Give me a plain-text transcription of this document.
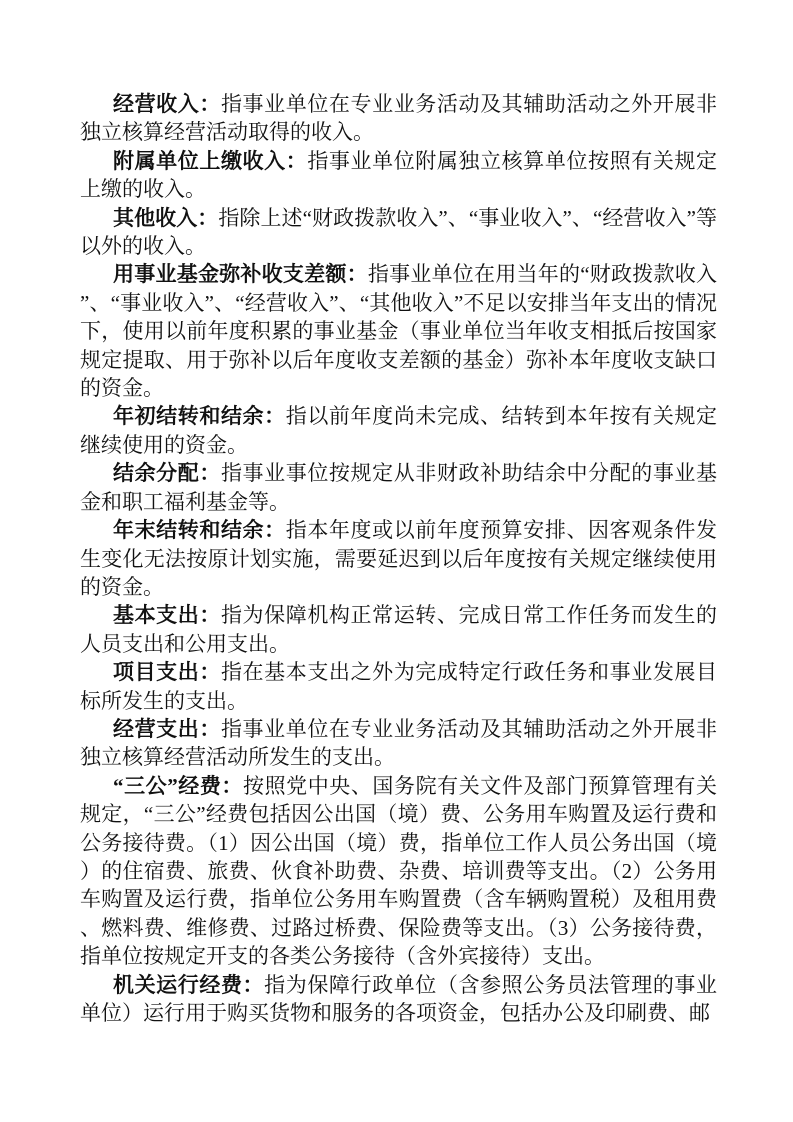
经营收入：指事业单位在专业业务活动及其辅助活动之外开展非独立核算经营活动取得的收入。

附属单位上缴收入：指事业单位附属独立核算单位按照有关规定上缴的收入。

其他收入：指除上述“财政拨款收入”、“事业收入”、“经营收入”等以外的收入。

用事业基金弥补收支差额：指事业单位在用当年的“财政拨款收入”、“事业收入”、“经营收入”、“其他收入”不足以安排当年支出的情况下，使用以前年度积累的事业基金（事业单位当年收支相抵后按国家规定提取、用于弥补以后年度收支差额的基金）弥补本年度收支缺口的资金。

年初结转和结余：指以前年度尚未完成、结转到本年按有关规定继续使用的资金。

结余分配：指事业事位按规定从非财政补助结余中分配的事业基金和职工福利基金等。

年末结转和结余：指本年度或以前年度预算安排、因客观条件发生变化无法按原计划实施，需要延迟到以后年度按有关规定继续使用的资金。

基本支出：指为保障机构正常运转、完成日常工作任务而发生的人员支出和公用支出。

项目支出：指在基本支出之外为完成特定行政任务和事业发展目标所发生的支出。

经营支出：指事业单位在专业业务活动及其辅助活动之外开展非独立核算经营活动所发生的支出。

“三公”经费：按照党中央、国务院有关文件及部门预算管理有关规定，“三公”经费包括因公出国（境）费、公务用车购置及运行费和公务接待费。（1）因公出国（境）费，指单位工作人员公务出国（境）的住宿费、旅费、伙食补助费、杂费、培训费等支出。（2）公务用车购置及运行费，指单位公务用车购置费（含车辆购置税）及租用费、燃料费、维修费、过路过桥费、保险费等支出。（3）公务接待费，指单位按规定开支的各类公务接待（含外宾接待）支出。

机关运行经费：指为保障行政单位（含参照公务员法管理的事业单位）运行用于购买货物和服务的各项资金，包括办公及印刷费、邮
